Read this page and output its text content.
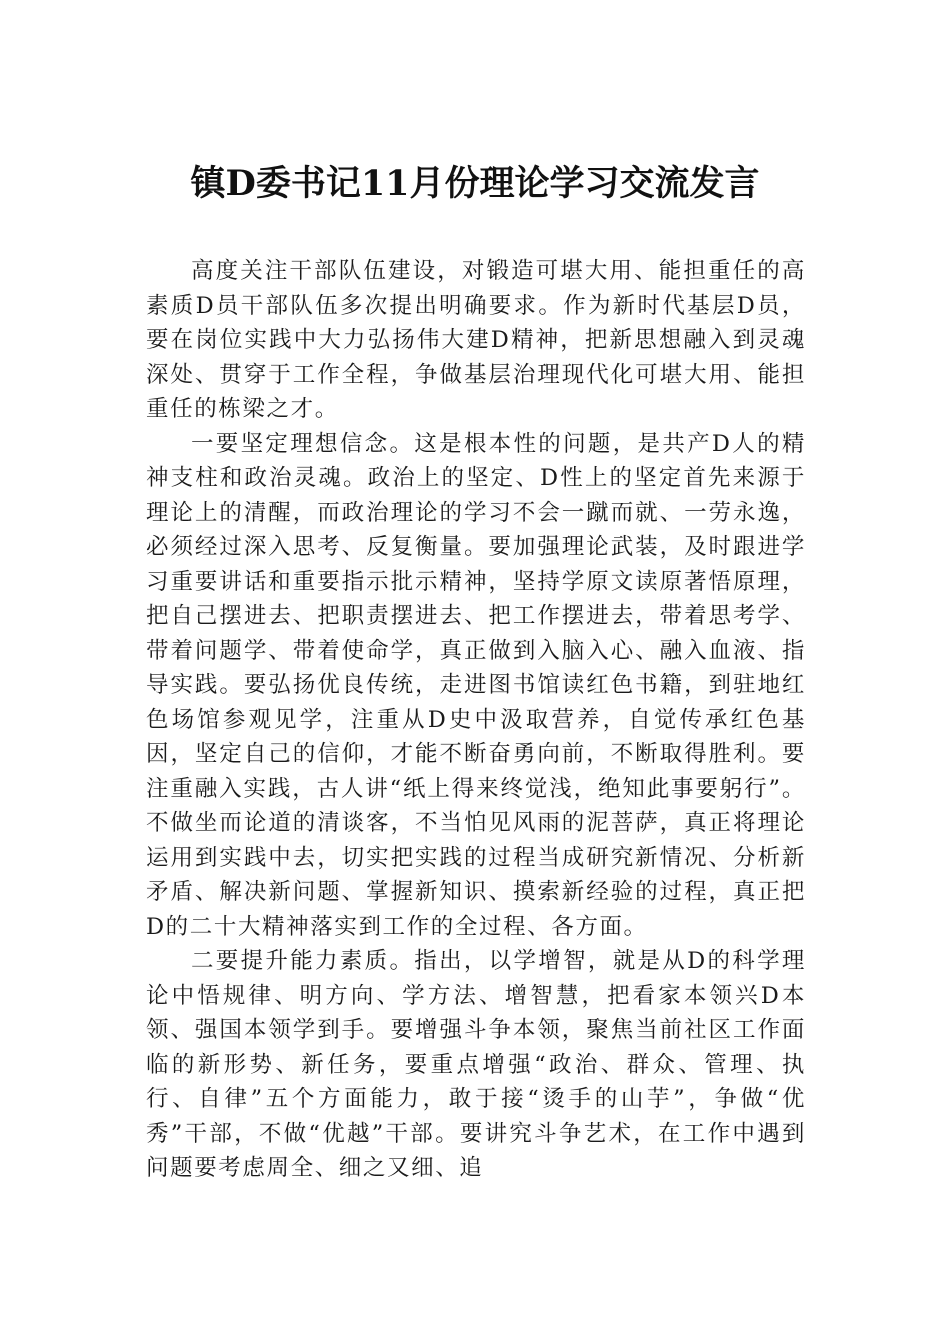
镇D委书记11月份理论学习交流发言

高度关注干部队伍建设，对锻造可堪大用、能担重任的高素质D员干部队伍多次提出明确要求。作为新时代基层D员，要在岗位实践中大力弘扬伟大建D精神，把新思想融入到灵魂深处、贯穿于工作全程，争做基层治理现代化可堪大用、能担重任的栋梁之才。

一要坚定理想信念。这是根本性的问题，是共产D人的精神支柱和政治灵魂。政治上的坚定、D性上的坚定首先来源于理论上的清醒，而政治理论的学习不会一蹴而就、一劳永逸，必须经过深入思考、反复衡量。要加强理论武装，及时跟进学习重要讲话和重要指示批示精神，坚持学原文读原著悟原理，把自己摆进去、把职责摆进去、把工作摆进去，带着思考学、带着问题学、带着使命学，真正做到入脑入心、融入血液、指导实践。要弘扬优良传统，走进图书馆读红色书籍，到驻地红色场馆参观见学，注重从D史中汲取营养，自觉传承红色基因，坚定自己的信仰，才能不断奋勇向前，不断取得胜利。要注重融入实践，古人讲“纸上得来终觉浅，绝知此事要躬行”。不做坐而论道的清谈客，不当怕见风雨的泥菩萨，真正将理论运用到实践中去，切实把实践的过程当成研究新情况、分析新矛盾、解决新问题、掌握新知识、摸索新经验的过程，真正把D的二十大精神落实到工作的全过程、各方面。

二要提升能力素质。指出，以学增智，就是从D的科学理论中悟规律、明方向、学方法、增智慧，把看家本领兴D本领、强国本领学到手。要增强斗争本领，聚焦当前社区工作面临的新形势、新任务，要重点增强“政治、群众、管理、执行、自律”五个方面能力，敢于接“烫手的山芋”，争做“优秀”干部，不做“优越”干部。要讲究斗争艺术，在工作中遇到问题要考虑周全、细之又细、追
